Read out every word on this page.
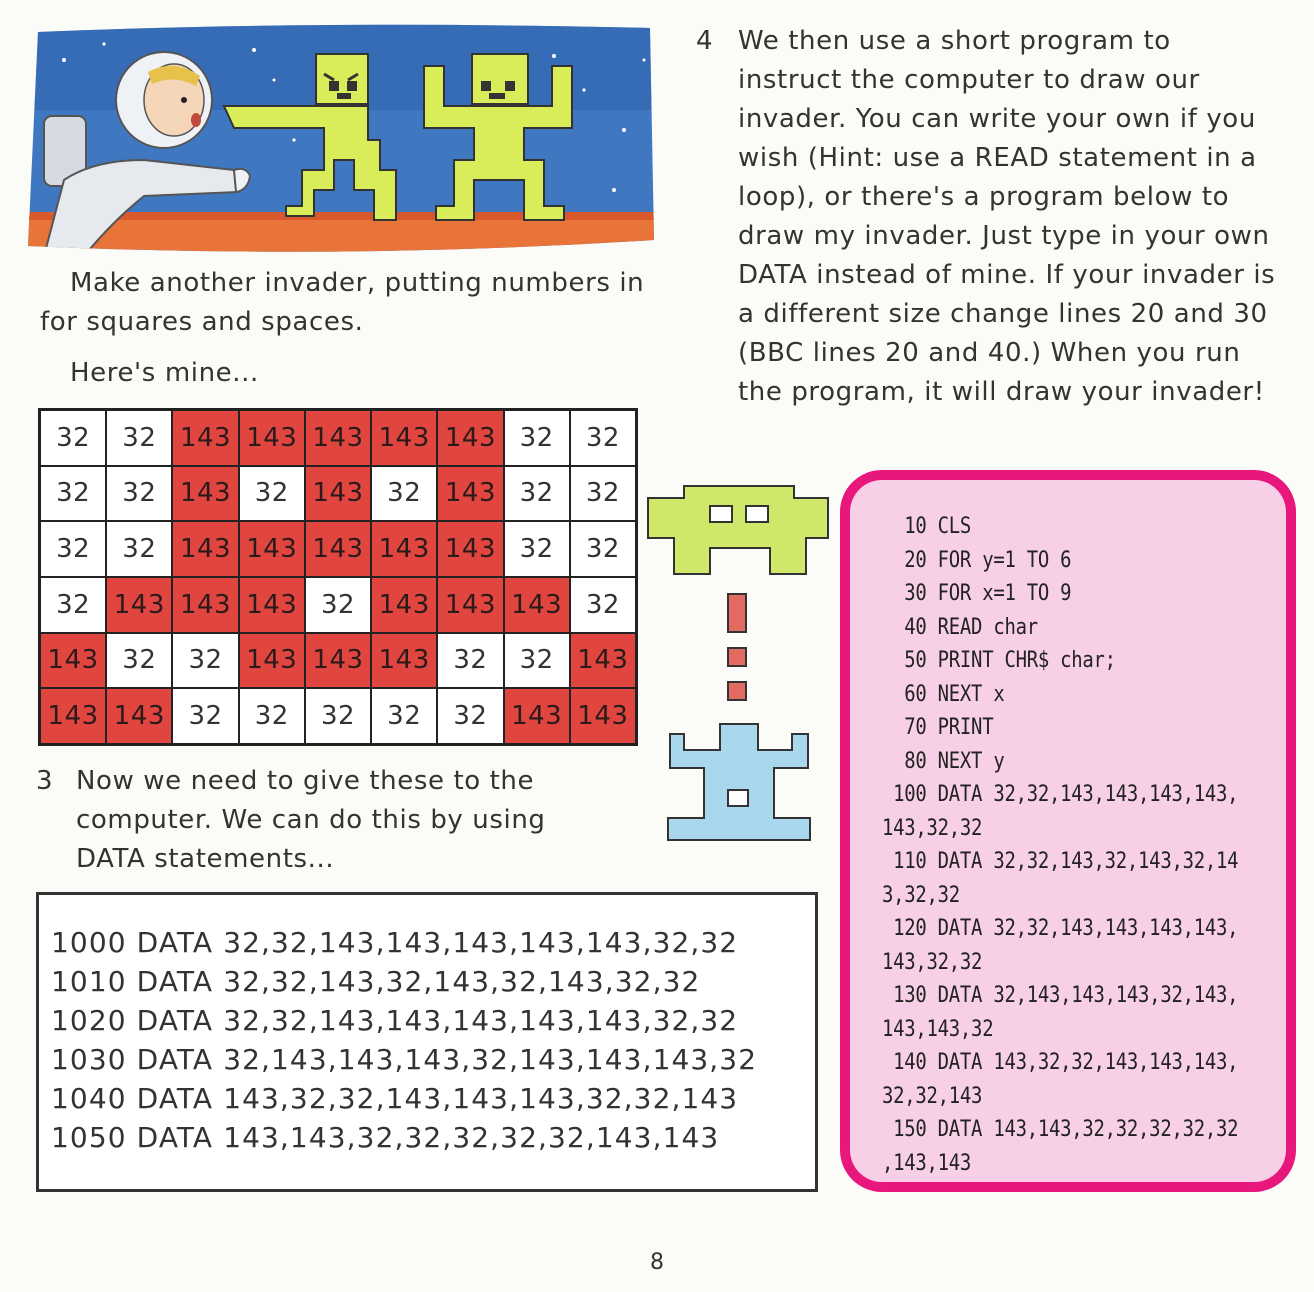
Make another invader, putting numbers in for squares and spaces.
Here's mine...
32	32 143 143 143 143 143 32	32
32	32 143 32 143 32 143 32	32
32	32 143 143 143 143 143 32	32
32 143 143 143 32 143 143 143 32
143 32	32 143 143 143 32	32 143
143 143 32	32	32	32	32 143 143
3 Now we need to give these to the
computer. We can do this by using
DATA statements...
1000 DATA 32,32,143,143,143,143,143,32,32
1010 DATA 32,32,143,32,143,32,143,32,32
1020 DATA 32,32,143,143,143,143,143,32,32
1030 DATA 32,143,143,143,32,143,143,143,32
1040 DATA 143,32,32,143,143,143,32,32,143
1050 DATA 143,143,32,32,32,32,32,143,143
4 We then use a short program to
instruct the computer to draw our
invader. You can write your own if you
wish (Hint: use a READ statement in a
loop), or there's a program below to
draw my invader. Just type in your own
DATA instead of mine. If your invader is
a different size change lines 20 and 30
(BBC lines 20 and 40.) When you run
the program, it will draw your invader!
10 CLS
20 FOR y=1 TO 6
30 FOR x=1 TO 9
40 READ char
50 PRINT CHR$ char;
60 NEXT x
70 PRINT
80 NEXT y
100 DATA 32,32,143,143,143,143,
143,32,32
110 DATA 32,32,143,32,143,32,14
3,32,32
120 DATA 32,32,143,143,143,143,
143,32,32
130 DATA 32,143,143,143,32,143,
143,143,32
140 DATA 143,32,32,143,143,143,
32,32,143
150 DATA 143,143,32,32,32,32,32
,143,143
8
